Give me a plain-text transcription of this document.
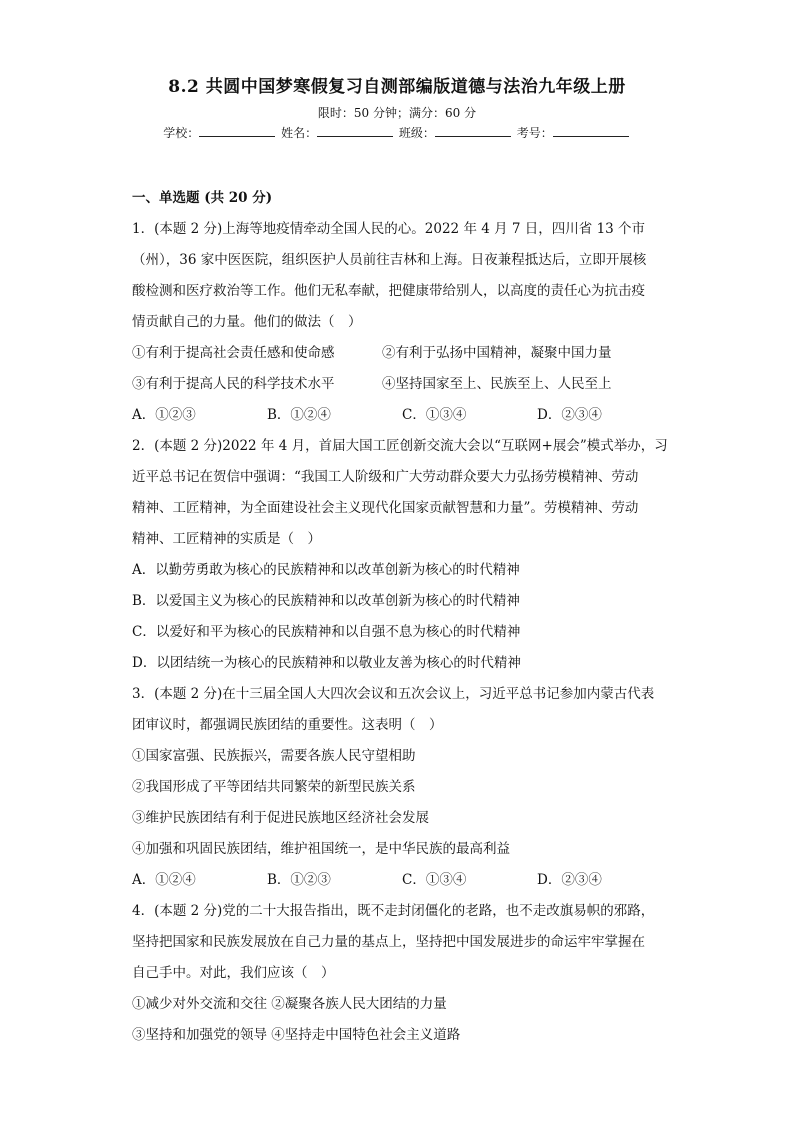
8.2 共圆中国梦寒假复习自测部编版道德与法治九年级上册
限时：50 分钟；满分：60 分
学校：	姓名：	班级：	考号：
一、单选题 (共 20 分)
1．(本题 2 分)上海等地疫情牵动全国人民的心。2022 年 4 月 7 日，四川省 13 个市
（州），36 家中医医院，组织医护人员前往吉林和上海。日夜兼程抵达后，立即开展核
酸检测和医疗救治等工作。他们无私奉献，把健康带给别人，以高度的责任心为抗击疫
情贡献自己的力量。他们的做法（　）
①有利于提高社会责任感和使命感	②有利于弘扬中国精神，凝聚中国力量
③有利于提高人民的科学技术水平	④坚持国家至上、民族至上、人民至上
A．①②③	B．①②④	C．①③④	D．②③④
2．(本题 2 分)2022 年 4 月，首届大国工匠创新交流大会以“互联网+展会”模式举办，习
近平总书记在贺信中强调：“我国工人阶级和广大劳动群众要大力弘扬劳模精神、劳动
精神、工匠精神，为全面建设社会主义现代化国家贡献智慧和力量”。劳模精神、劳动
精神、工匠精神的实质是（　）
A．以勤劳勇敢为核心的民族精神和以改革创新为核心的时代精神
B．以爱国主义为核心的民族精神和以改革创新为核心的时代精神
C．以爱好和平为核心的民族精神和以自强不息为核心的时代精神
D．以团结统一为核心的民族精神和以敬业友善为核心的时代精神
3．(本题 2 分)在十三届全国人大四次会议和五次会议上，习近平总书记参加内蒙古代表
团审议时，都强调民族团结的重要性。这表明（　）
①国家富强、民族振兴，需要各族人民守望相助
②我国形成了平等团结共同繁荣的新型民族关系
③维护民族团结有利于促进民族地区经济社会发展
④加强和巩固民族团结，维护祖国统一，是中华民族的最高利益
A．①②④	B．①②③	C．①③④	D．②③④
4．(本题 2 分)党的二十大报告指出，既不走封闭僵化的老路，也不走改旗易帜的邪路，
坚持把国家和民族发展放在自己力量的基点上，坚持把中国发展进步的命运牢牢掌握在
自己手中。对此，我们应该（　）
①减少对外交流和交往 ②凝聚各族人民大团结的力量
③坚持和加强党的领导 ④坚持走中国特色社会主义道路
